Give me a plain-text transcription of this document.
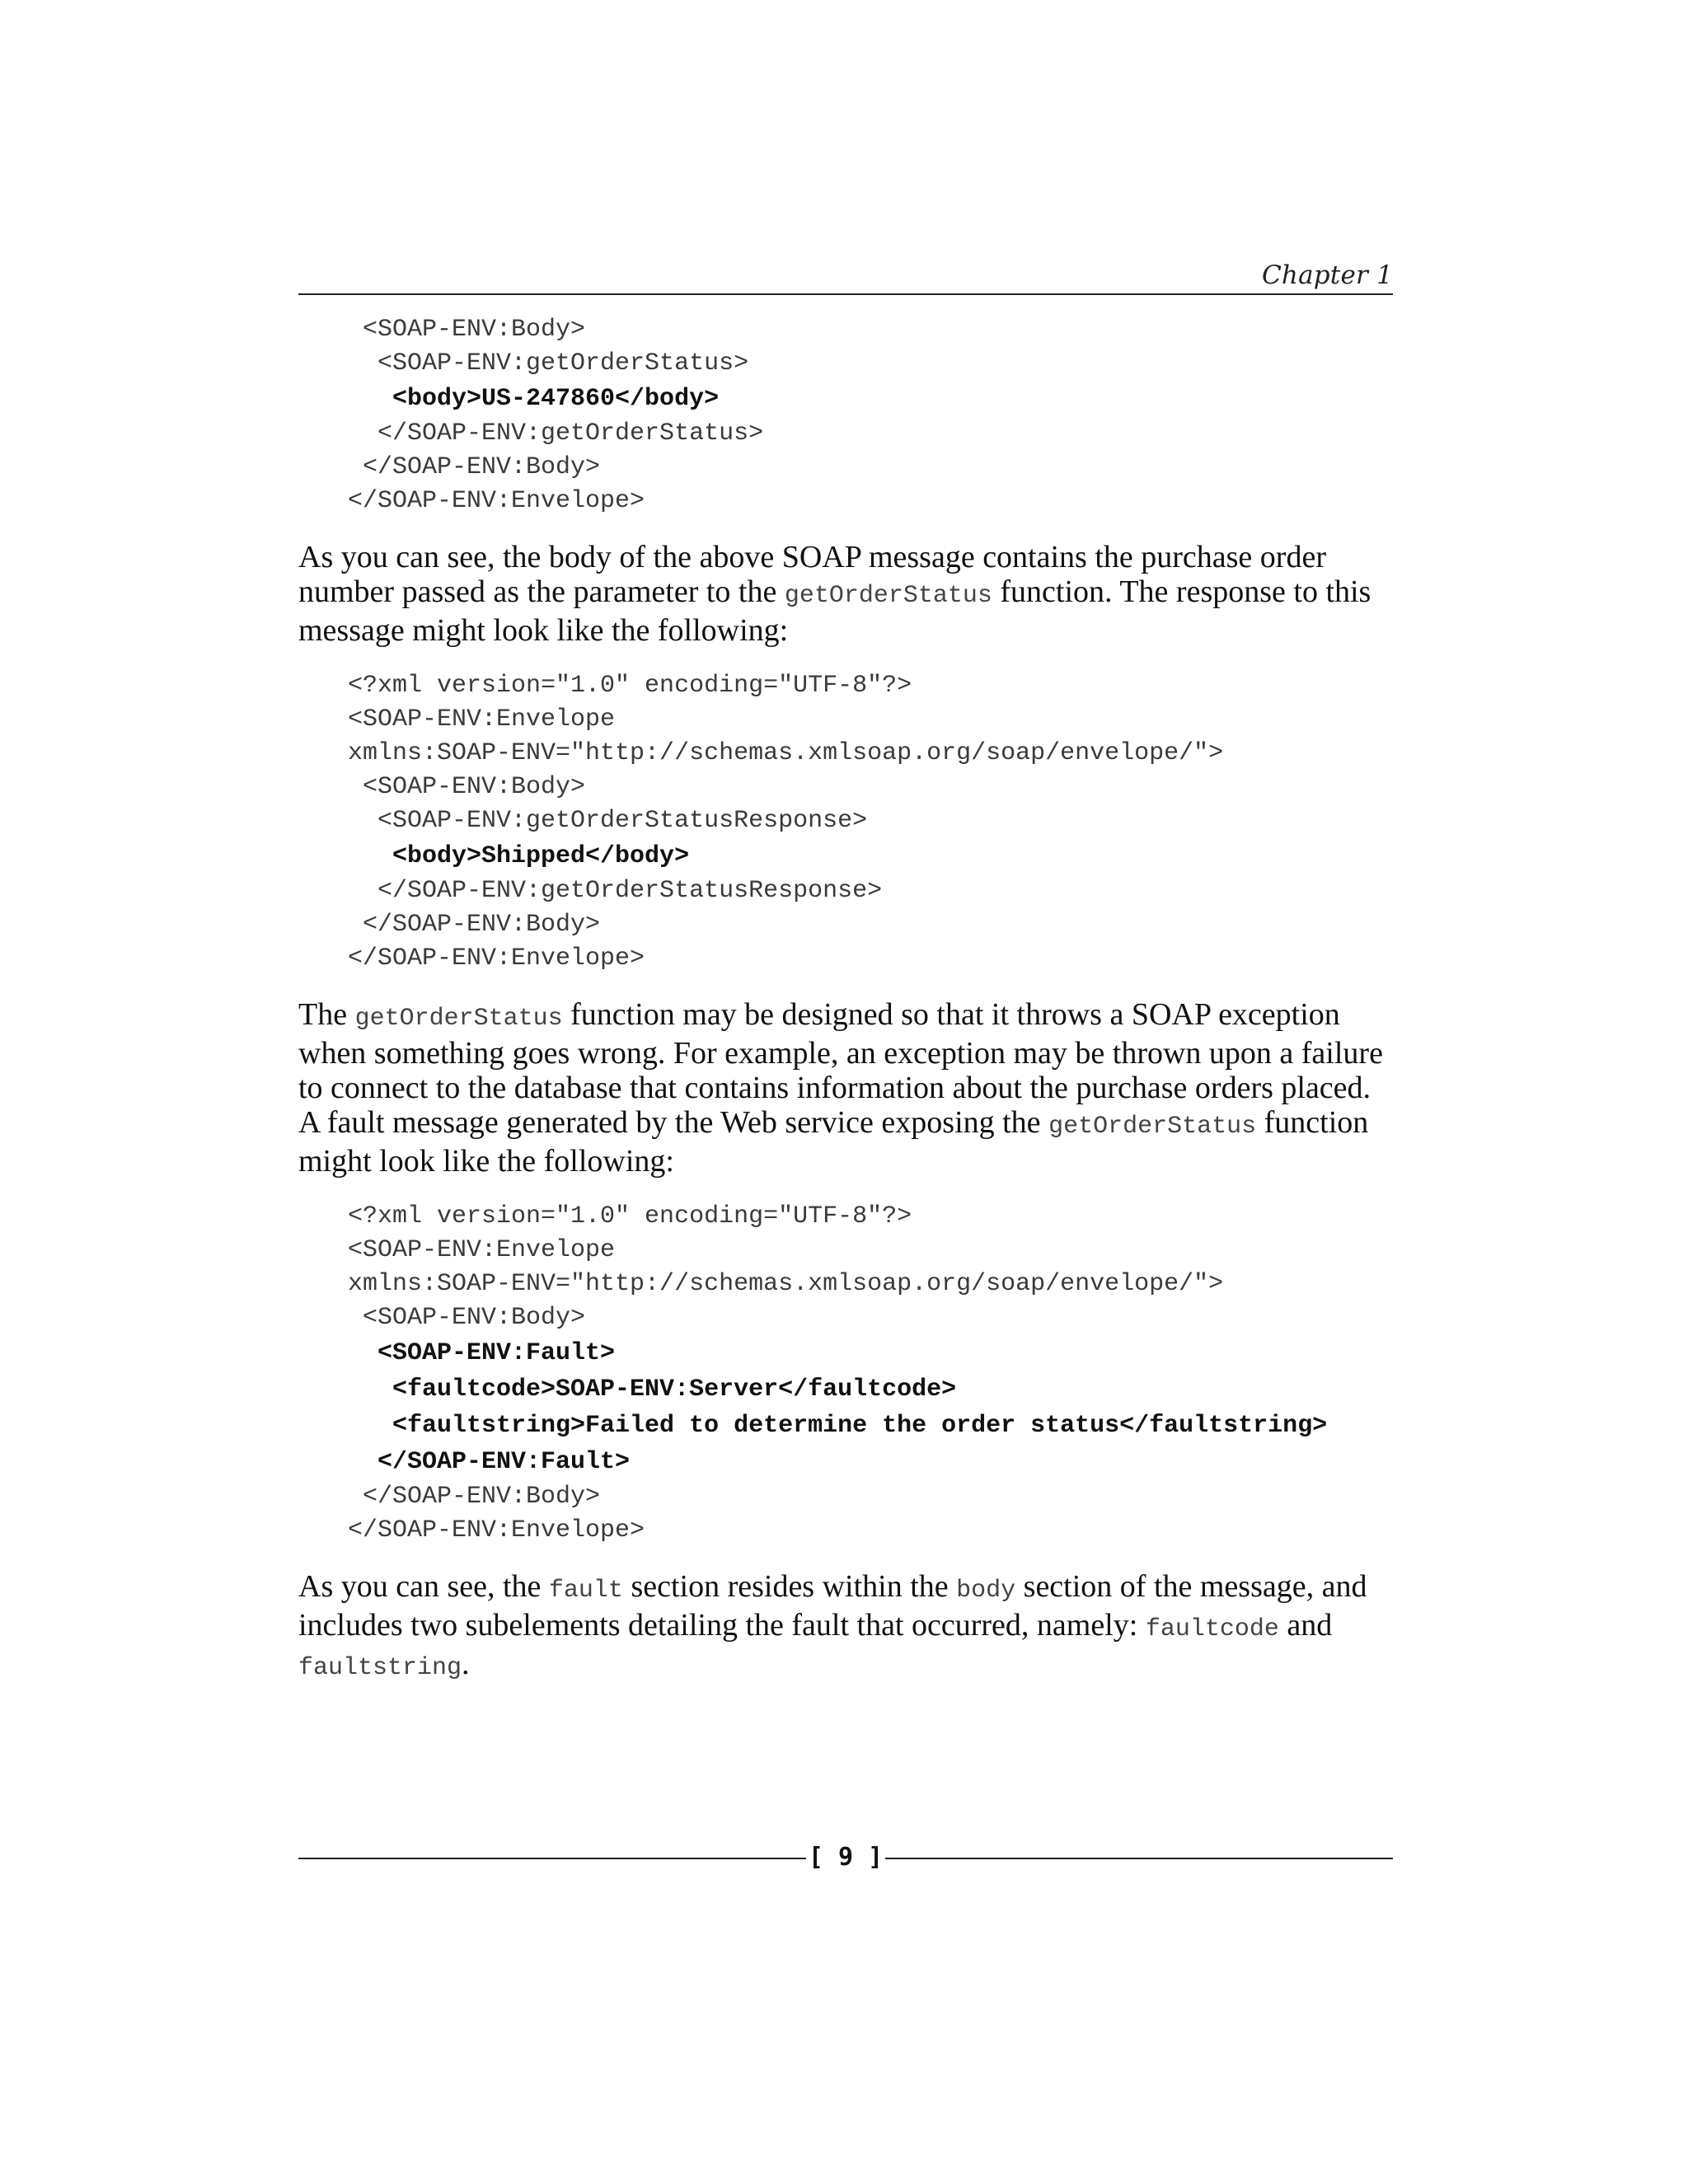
Chapter 1
<SOAP-ENV:Body>
<SOAP-ENV:getOrderStatus>
<body>US-247860</body>
</SOAP-ENV:getOrderStatus>
</SOAP-ENV:Body>
</SOAP-ENV:Envelope>

As you can see, the body of the above SOAP message contains the purchase order number passed as the parameter to the getOrderStatus function. The response to this message might look like the following:

<?xml version="1.0" encoding="UTF-8"?>
<SOAP-ENV:Envelope
xmlns:SOAP-ENV="http://schemas.xmlsoap.org/soap/envelope/">
<SOAP-ENV:Body>
<SOAP-ENV:getOrderStatusResponse>
<body>Shipped</body>
</SOAP-ENV:getOrderStatusResponse>
</SOAP-ENV:Body>
</SOAP-ENV:Envelope>

The getOrderStatus function may be designed so that it throws a SOAP exception when something goes wrong. For example, an exception may be thrown upon a failure to connect to the database that contains information about the purchase orders placed. A fault message generated by the Web service exposing the getOrderStatus function might look like the following:

<?xml version="1.0" encoding="UTF-8"?>
<SOAP-ENV:Envelope
xmlns:SOAP-ENV="http://schemas.xmlsoap.org/soap/envelope/">
<SOAP-ENV:Body>
<SOAP-ENV:Fault>
<faultcode>SOAP-ENV:Server</faultcode>
<faultstring>Failed to determine the order status</faultstring>
</SOAP-ENV:Fault>
</SOAP-ENV:Body>
</SOAP-ENV:Envelope>

As you can see, the fault section resides within the body section of the message, and includes two subelements detailing the fault that occurred, namely: faultcode and faultstring.

[ 9 ]
